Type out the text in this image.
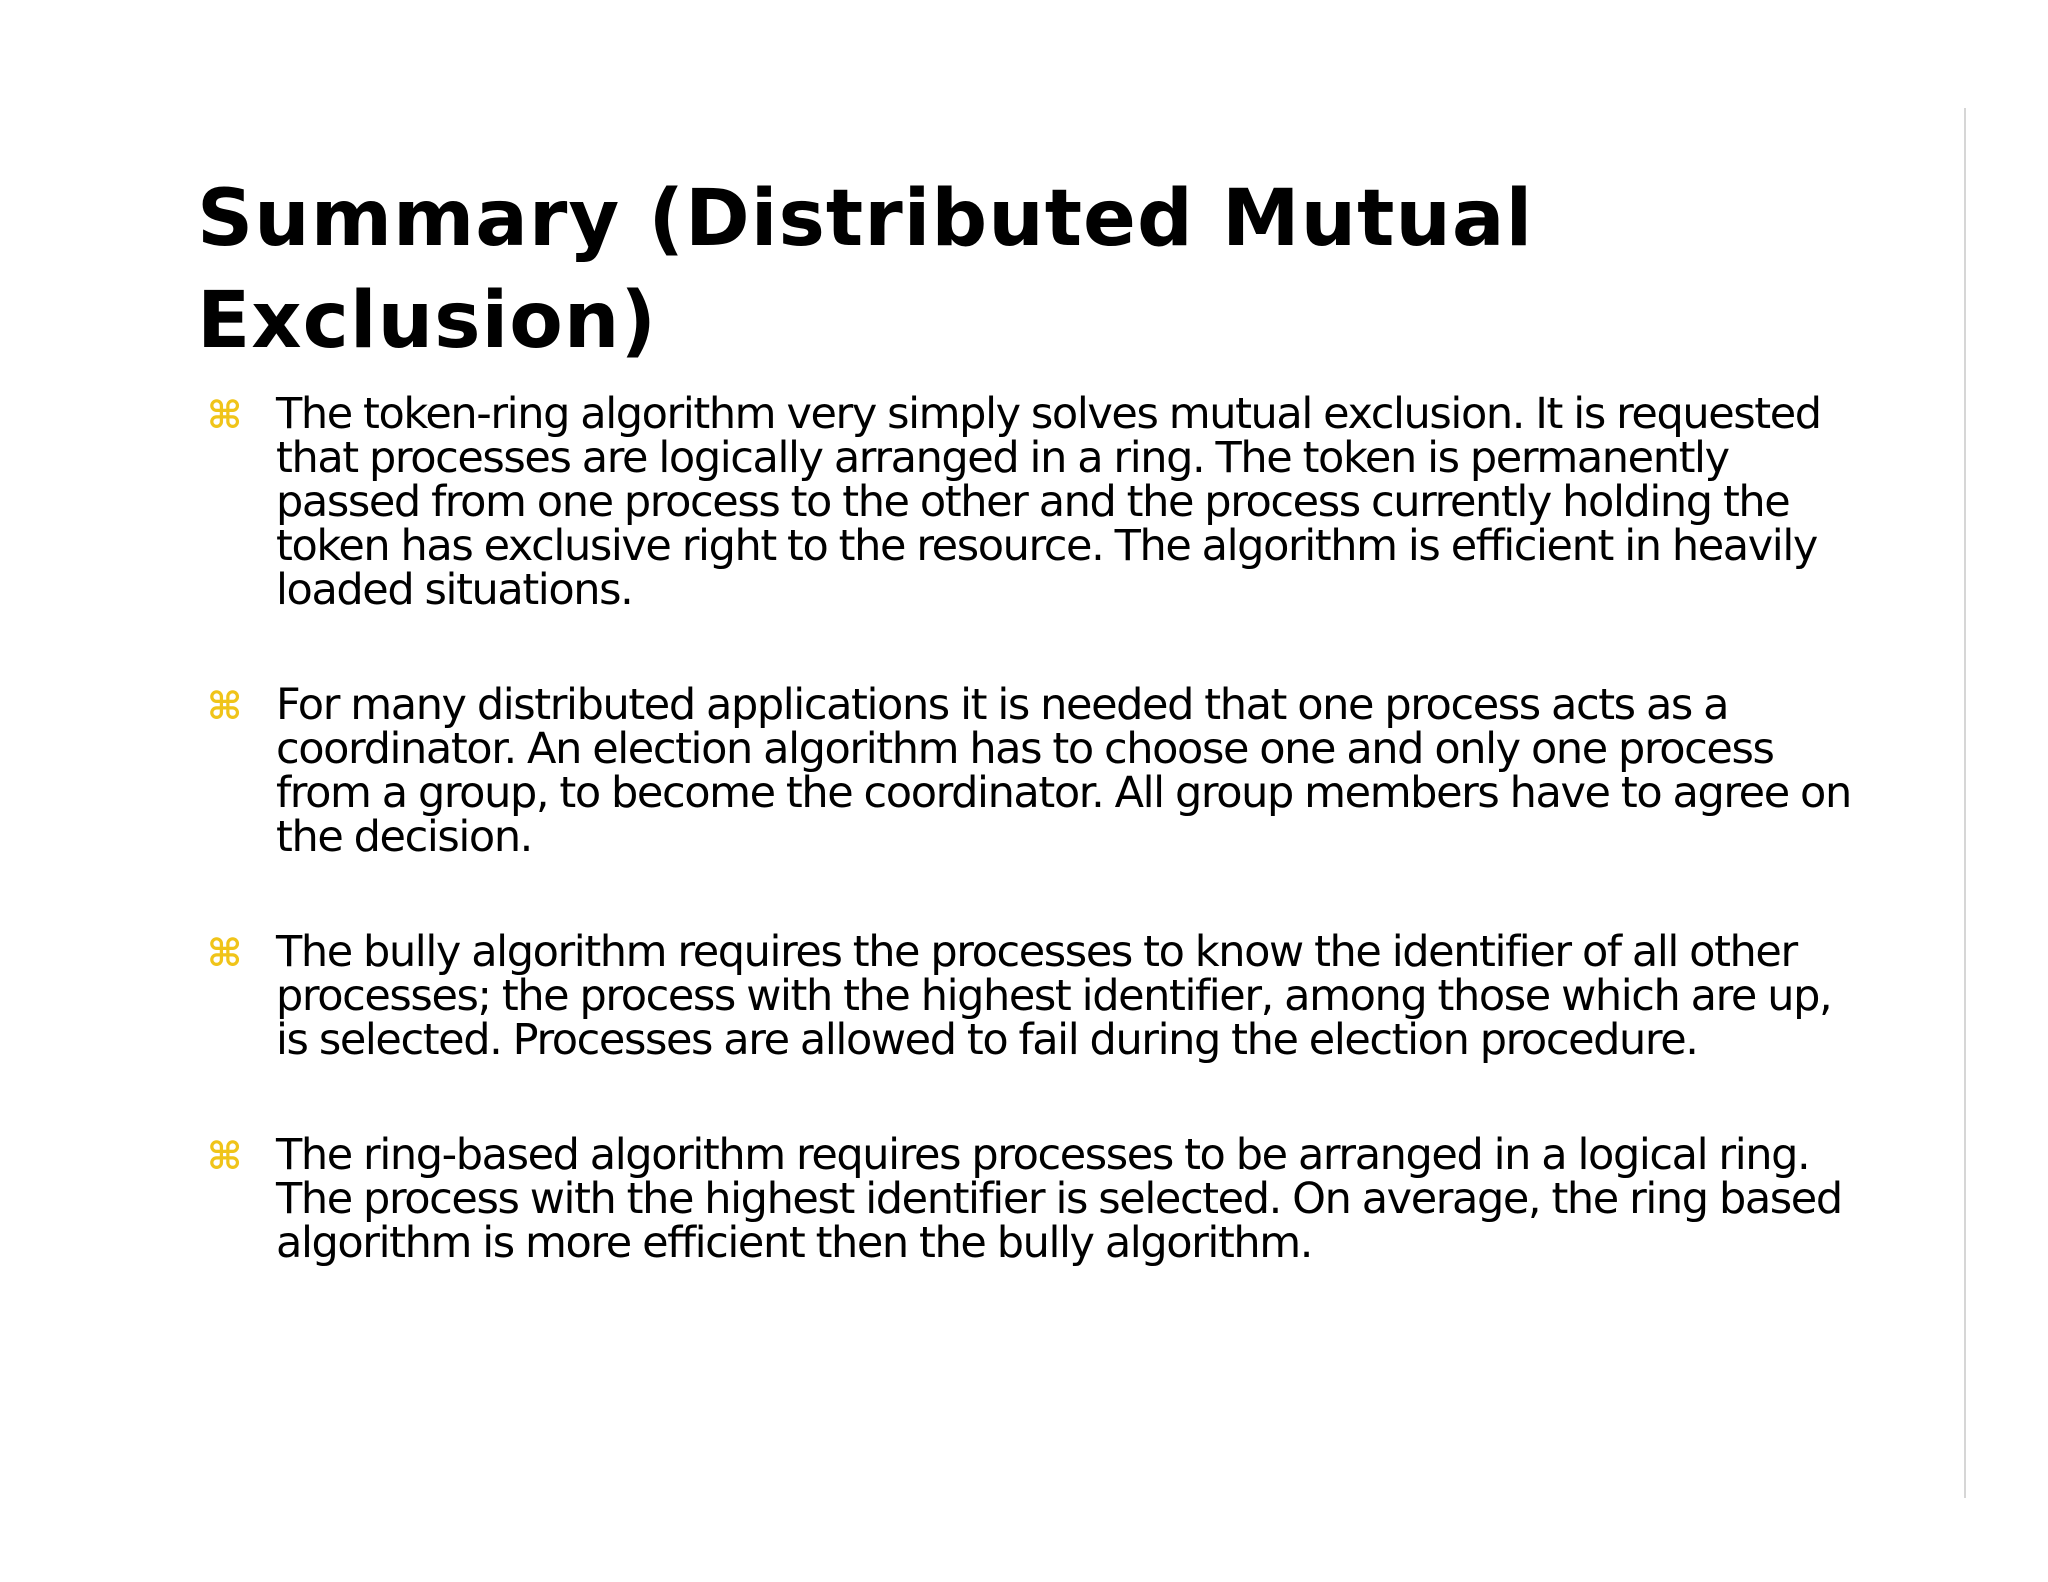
Summary (Distributed Mutual Exclusion)
⌘ The token-ring algorithm very simply solves mutual exclusion. It is requested that processes are logically arranged in a ring. The token is permanently passed from one process to the other and the process currently holding the token has exclusive right to the resource. The algorithm is efficient in heavily loaded situations.
⌘ For many distributed applications it is needed that one process acts as a coordinator. An election algorithm has to choose one and only one process from a group, to become the coordinator. All group members have to agree on the decision.
⌘ The bully algorithm requires the processes to know the identifier of all other processes; the process with the highest identifier, among those which are up, is selected. Processes are allowed to fail during the election procedure.
⌘ The ring-based algorithm requires processes to be arranged in a logical ring. The process with the highest identifier is selected. On average, the ring based algorithm is more efficient then the bully algorithm.
